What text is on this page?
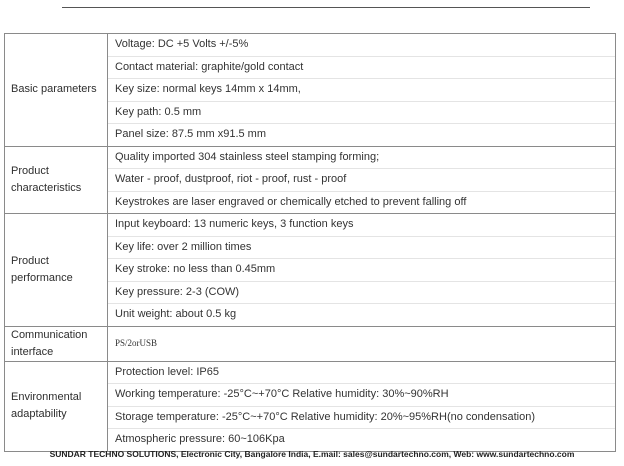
Basic parameters	Voltage: DC +5 Volts +/-5%
Contact material: graphite/gold contact
Key size: normal keys 14mm x 14mm,
Key path: 0.5 mm
Panel size: 87.5 mm x91.5 mm

Product characteristics	Quality imported 304 stainless steel stamping forming;
Water - proof, dustproof, riot - proof, rust - proof
Keystrokes are laser engraved or chemically etched to prevent falling off

Product performance	Input keyboard: 13 numeric keys, 3 function keys
Key life: over 2 million times
Key stroke: no less than 0.45mm
Key pressure: 2-3 (COW)
Unit weight: about 0.5 kg

Communication interface	PS/2orUSB

Environmental adaptability	Protection level: IP65
Working temperature: -25°C~+70°C Relative humidity: 30%~90%RH
Storage temperature: -25°C~+70°C Relative humidity: 20%~95%RH(no condensation)
Atmospheric pressure: 60~106Kpa
SUNDAR TECHNO SOLUTIONS, Electronic City, Bangalore India, E.mail: sales@sundartechno.com, Web: www.sundartechno.com
